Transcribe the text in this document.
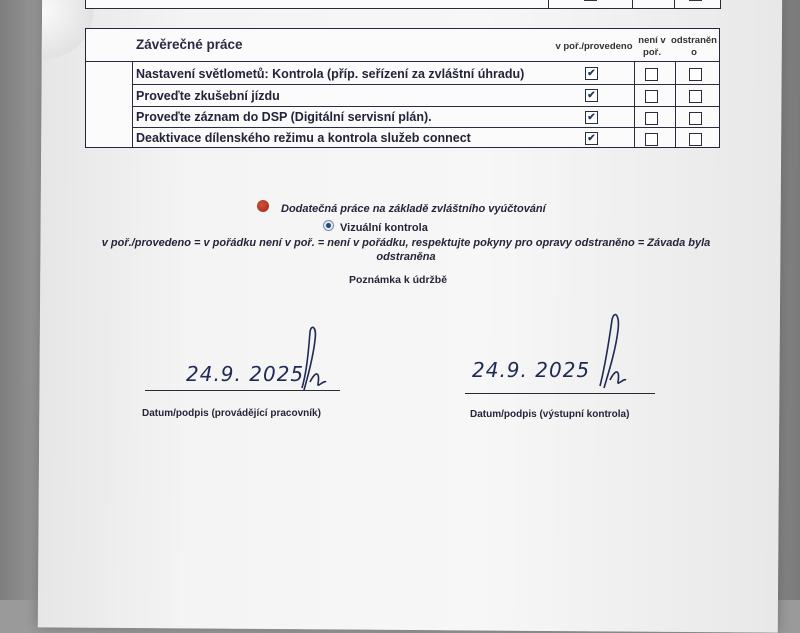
Závěrečné práce	v poř./provedeno
není v poř.
odstraněn o
Nastavení světlometů: Kontrola (příp. seřízení za zvláštní úhradu)
Proveďte zkušební jízdu
Proveďte záznam do DSP (Digitální servisní plán).
Deaktivace dílenského režimu a kontrola služeb connect
✔
✔
✔
✔
Dodatečná práce na základě zvláštního vyúčtování
Vizuální kontrola
v poř./provedeno = v pořádku není v poř. = není v pořádku, respektujte pokyny pro opravy odstraněno = Závada byla odstraněna
Poznámka k údržbě
24.9. 2025
Datum/podpis (provádějící pracovník)
24.9. 2025
Datum/podpis (výstupní kontrola)
